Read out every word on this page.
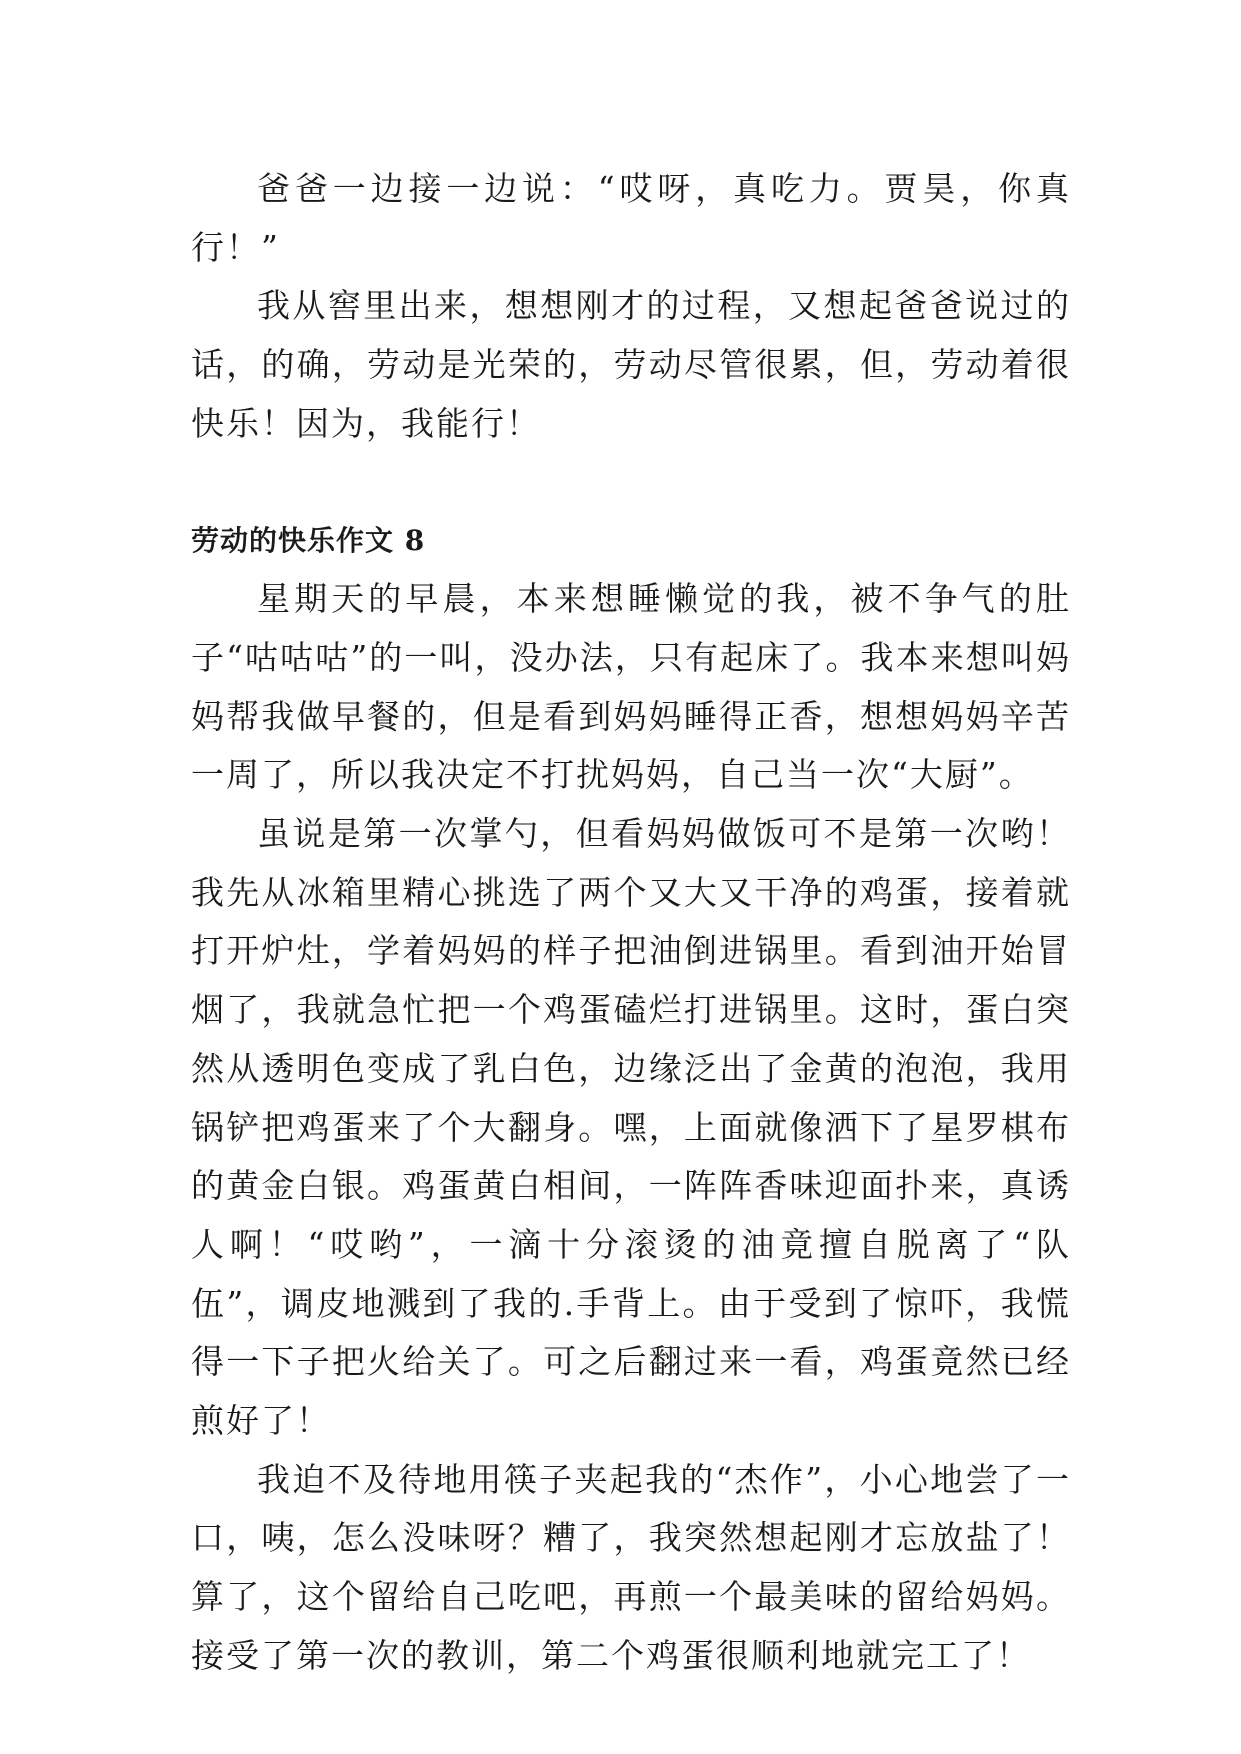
爸爸一边接一边说：“哎呀，真吃力。贾昊，你真行！”

我从窖里出来，想想刚才的过程，又想起爸爸说过的话，的确，劳动是光荣的，劳动尽管很累，但，劳动着很快乐！因为，我能行！

劳动的快乐作文 8

星期天的早晨，本来想睡懒觉的我，被不争气的肚子“咕咕咕”的一叫，没办法，只有起床了。我本来想叫妈妈帮我做早餐的，但是看到妈妈睡得正香，想想妈妈辛苦一周了，所以我决定不打扰妈妈，自己当一次“大厨”。

虽说是第一次掌勺，但看妈妈做饭可不是第一次哟！我先从冰箱里精心挑选了两个又大又干净的鸡蛋，接着就打开炉灶，学着妈妈的样子把油倒进锅里。看到油开始冒烟了，我就急忙把一个鸡蛋磕烂打进锅里。这时，蛋白突然从透明色变成了乳白色，边缘泛出了金黄的泡泡，我用锅铲把鸡蛋来了个大翻身。嘿，上面就像洒下了星罗棋布的黄金白银。鸡蛋黄白相间，一阵阵香味迎面扑来，真诱人啊！“哎哟”，一滴十分滚烫的油竟擅自脱离了“队伍”，调皮地溅到了我的.手背上。由于受到了惊吓，我慌得一下子把火给关了。可之后翻过来一看，鸡蛋竟然已经煎好了！

我迫不及待地用筷子夹起我的“杰作”，小心地尝了一口，咦，怎么没味呀？糟了，我突然想起刚才忘放盐了！算了，这个留给自己吃吧，再煎一个最美味的留给妈妈。接受了第一次的教训，第二个鸡蛋很顺利地就完工了！
